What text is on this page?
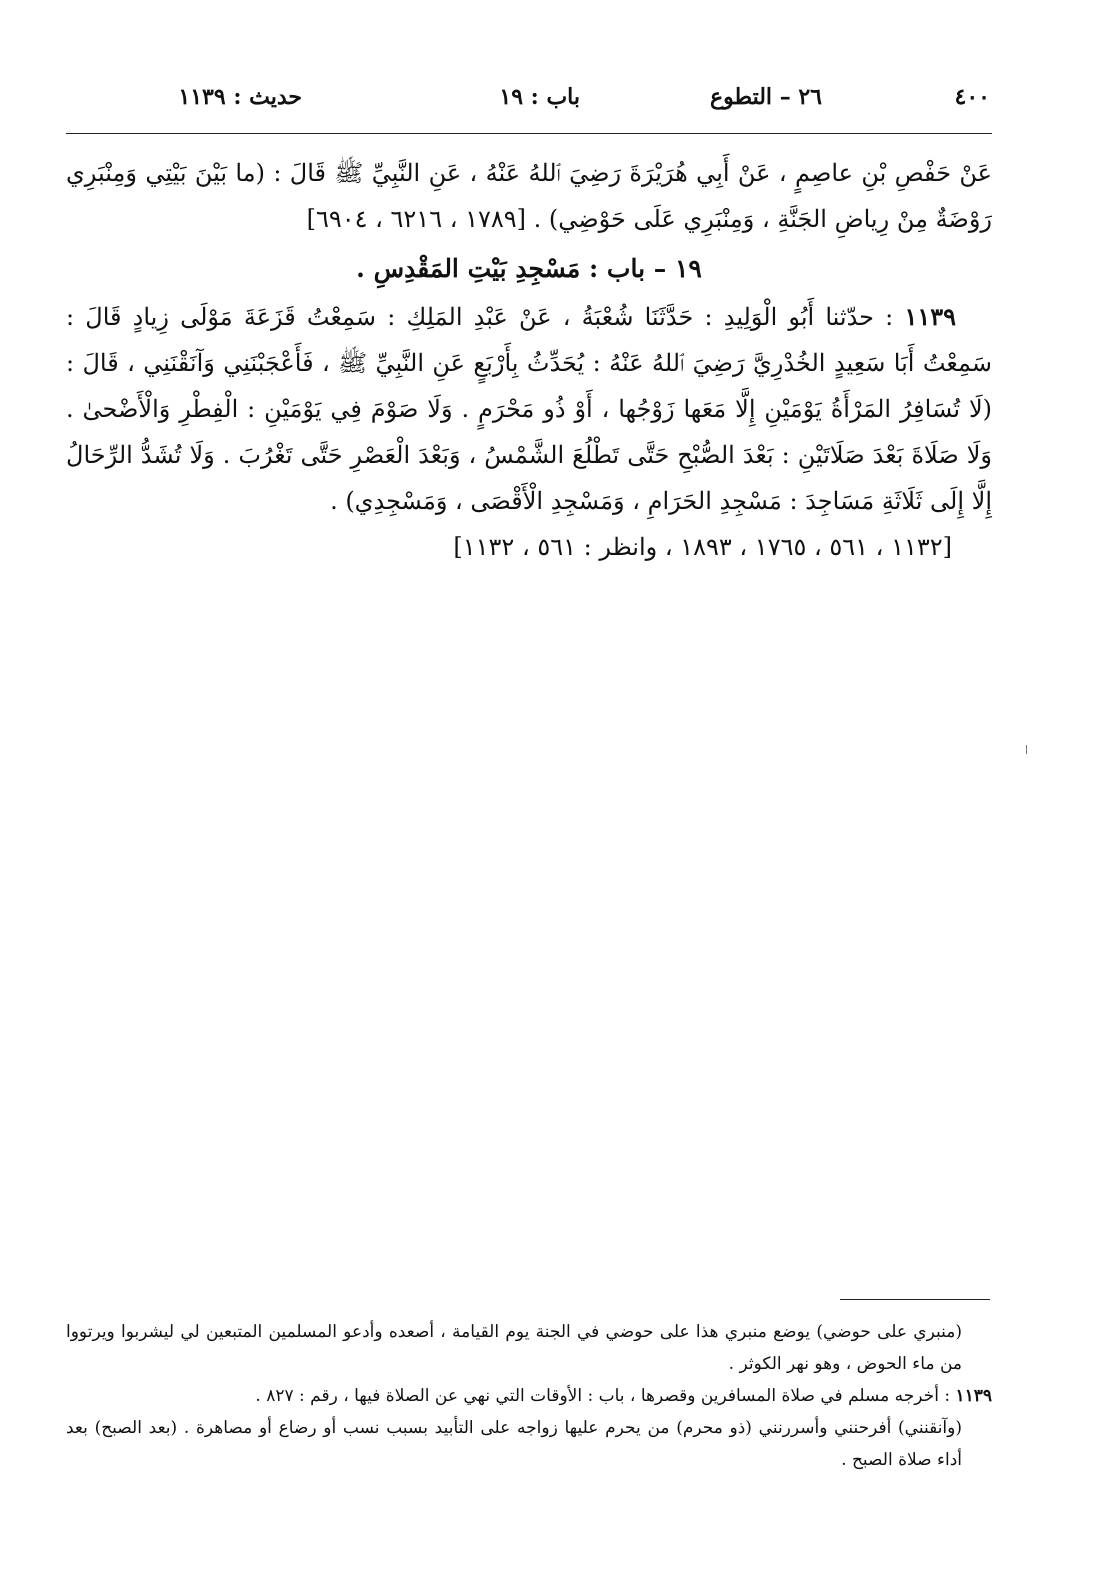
٤٠٠
٢٦ – التطوع
باب : ١٩
حديث : ١١٣٩

عَنْ حَفْصِ بْنِ عاصِمٍ ، عَنْ أَبِي هُرَيْرَةَ رَضِيَ ٱللهُ عَنْهُ ، عَنِ النَّبِيِّ ﷺ قَالَ : (ما بَيْنَ بَيْتِي وَمِنْبَرِي رَوْضَةٌ مِنْ رِياضِ الجَنَّةِ ، وَمِنْبَرِي عَلَى حَوْضِي) . [١٧٨٩ ، ٦٢١٦ ، ٦٩٠٤]

١٩ – باب : مَسْجِدِ بَيْتِ المَقْدِسِ .

١١٣٩ : حدّثنا أَبُو الْوَلِيدِ : حَدَّثَنَا شُعْبَةُ ، عَنْ عَبْدِ المَلِكِ : سَمِعْتُ قَزَعَةَ مَوْلَى زِيادٍ قَالَ : سَمِعْتُ أَبَا سَعِيدٍ الخُدْرِيَّ رَضِيَ ٱللهُ عَنْهُ : يُحَدِّثُ بِأَرْبَعٍ عَنِ النَّبِيِّ ﷺ ، فَأَعْجَبْنَنِي وَآنَقْنَنِي ، قَالَ : (لَا تُسَافِرُ المَرْأَةُ يَوْمَيْنِ إِلَّا مَعَها زَوْجُها ، أَوْ ذُو مَحْرَمٍ . وَلَا صَوْمَ فِي يَوْمَيْنِ : الْفِطْرِ وَالْأَضْحىٰ . وَلَا صَلَاةَ بَعْدَ صَلَاتَيْنِ : بَعْدَ الصُّبْحِ حَتَّى تَطْلُعَ الشَّمْسُ ، وَبَعْدَ الْعَصْرِ حَتَّى تَغْرُبَ . وَلَا تُشَدُّ الرِّحَالُ إِلَّا إِلَى ثَلَاثَةِ مَسَاجِدَ : مَسْجِدِ الحَرَامِ ، وَمَسْجِدِ الْأَقْصَى ، وَمَسْجِدِي) .

[١١٣٢ ، ٥٦١ ، ١٧٦٥ ، ١٨٩٣ ، وانظر : ٥٦١ ، ١١٣٢]

(منبري على حوضي) يوضع منبري هذا على حوضي في الجنة يوم القيامة ، أصعده وأدعو المسلمين المتبعين لي ليشربوا ويرتووا من ماء الحوض ، وهو نهر الكوثر .

١١٣٩ : أخرجه مسلم في صلاة المسافرين وقصرها ، باب : الأوقات التي نهي عن الصلاة فيها ، رقم : ٨٢٧ .

(وآنقنني) أفرحنني وأسررنني (ذو محرم) من يحرم عليها زواجه على التأبيد بسبب نسب أو رضاع أو مصاهرة . (بعد الصبح) بعد أداء صلاة الصبح .
